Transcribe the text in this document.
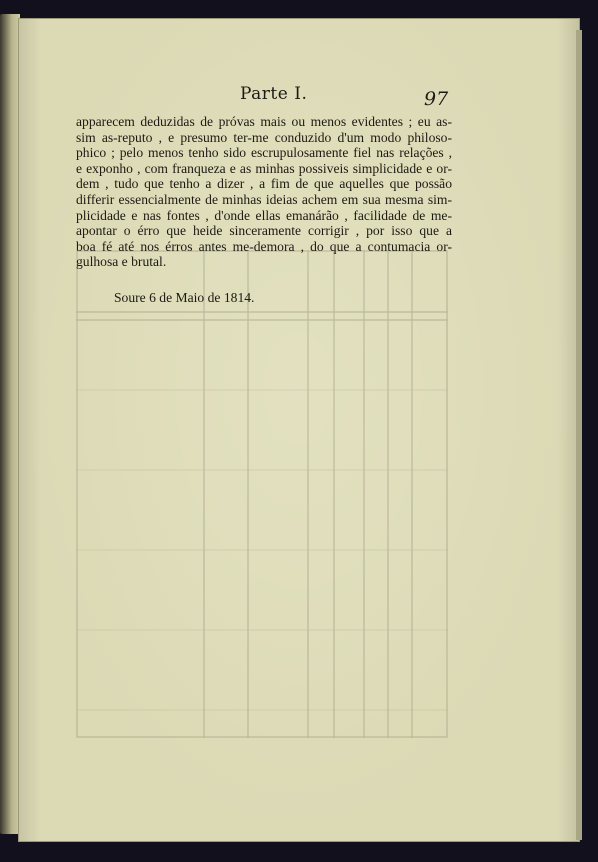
Parte I.	97
apparecem deduzidas de próvas mais ou menos evidentes ; eu as-
sim as-reputo , e presumo ter-me conduzido d'um modo philoso-
phico ; pelo menos tenho sido escrupulosamente fiel nas relações ,
e exponho , com franqueza e as minhas possiveis simplicidade e or-
dem , tudo que tenho a dizer , a fim de que aquelles que possão
differir essencialmente de minhas ideias achem em sua mesma sim-
plicidade e nas fontes , d'onde ellas emanárão , facilidade de me-
apontar o érro que heide sinceramente corrigir , por isso que a
boa fé até nos érros antes me-demora , do que a contumacia or-
gulhosa e brutal.
Soure 6 de Maio de 1814.
